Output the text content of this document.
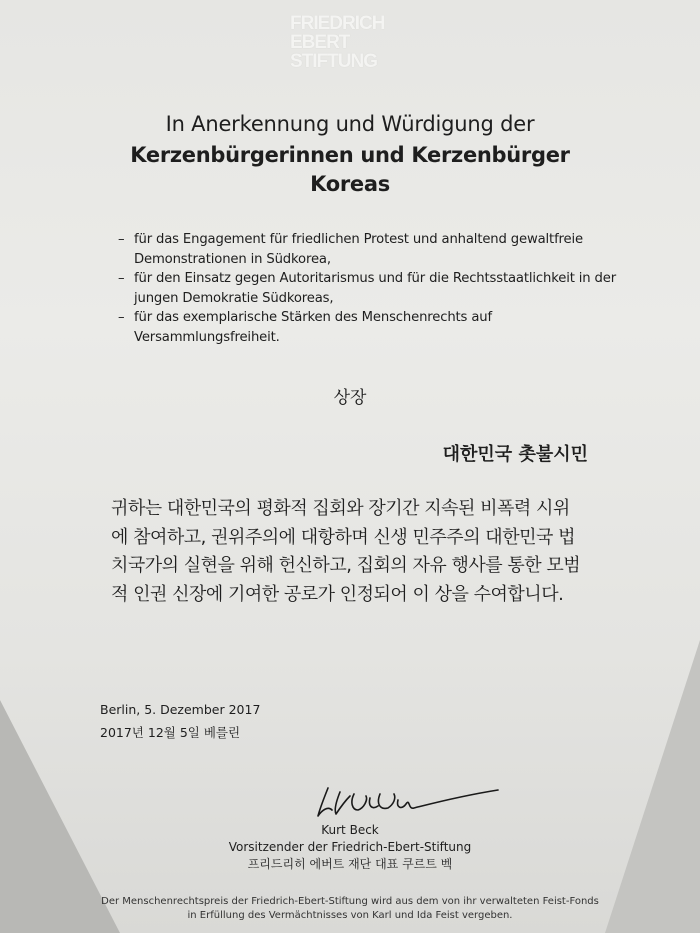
FRIEDRICH
EBERT
STIFTUNG
In Anerkennung und Würdigung der
Kerzenbürgerinnen und Kerzenbürger
Koreas
– für das Engagement für friedlichen Protest und anhaltend gewaltfreie
Demonstrationen in Südkorea,
– für den Einsatz gegen Autoritarismus und für die Rechtsstaatlichkeit in der
jungen Demokratie Südkoreas,
– für das exemplarische Stärken des Menschenrechts auf Versammlungsfreiheit.
상장
대한민국 촛불시민
귀하는 대한민국의 평화적 집회와 장기간 지속된 비폭력 시위
에 참여하고, 권위주의에 대항하며 신생 민주주의 대한민국 법
치국가의 실현을 위해 헌신하고, 집회의 자유 행사를 통한 모범
적 인권 신장에 기여한 공로가 인정되어 이 상을 수여합니다.
Berlin, 5. Dezember 2017
2017년 12월 5일 베를린
Kurt Beck
Vorsitzender der Friedrich-Ebert-Stiftung
프리드리히 에버트 재단 대표 쿠르트 벡
Der Menschenrechtspreis der Friedrich-Ebert-Stiftung wird aus dem von ihr verwalteten Feist-Fonds
in Erfüllung des Vermächtnisses von Karl und Ida Feist vergeben.
